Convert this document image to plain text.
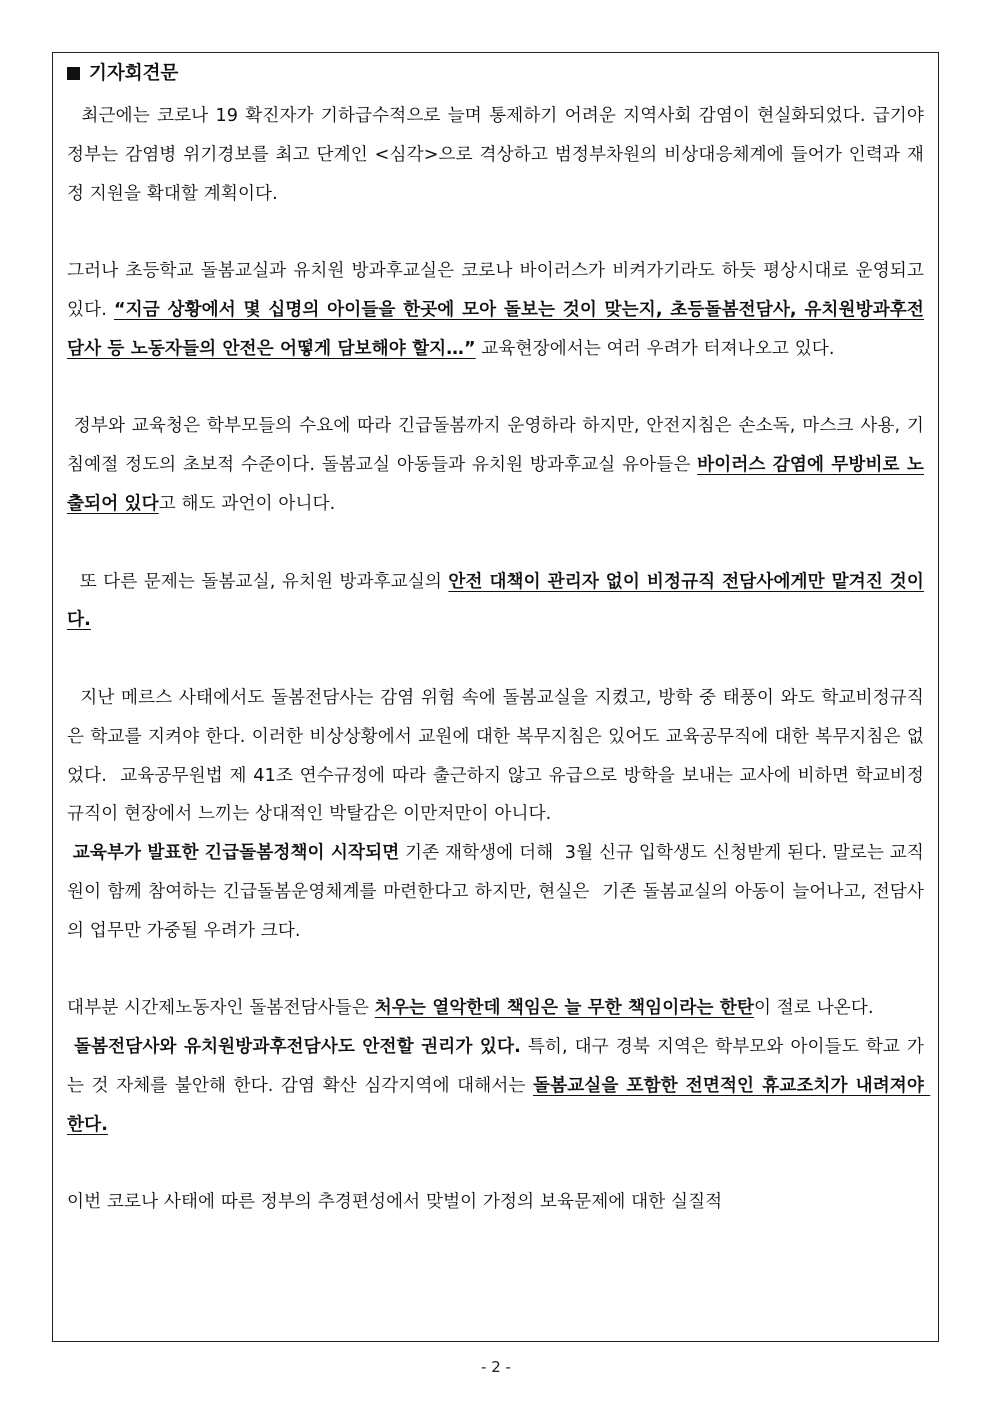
기자회견문

최근에는 코로나 19 확진자가 기하급수적으로 늘며 통제하기 어려운 지역사회 감염이 현실화되었다. 급기야 정부는 감염병 위기경보를 최고 단계인 <심각>으로 격상하고 범정부차원의 비상대응체계에 들어가 인력과 재정 지원을 확대할 계획이다.

그러나 초등학교 돌봄교실과 유치원 방과후교실은 코로나 바이러스가 비켜가기라도 하듯 평상시대로 운영되고 있다. “지금 상황에서 몇 십명의 아이들을 한곳에 모아 돌보는 것이 맞는지, 초등돌봄전담사, 유치원방과후전담사 등 노동자들의 안전은 어떻게 담보해야 할지…” 교육현장에서는 여러 우려가 터져나오고 있다.

정부와 교육청은 학부모들의 수요에 따라 긴급돌봄까지 운영하라 하지만, 안전지침은 손소독, 마스크 사용, 기침예절 정도의 초보적 수준이다. 돌봄교실 아동들과 유치원 방과후교실 유아들은 바이러스 감염에 무방비로 노출되어 있다고 해도 과언이 아니다.

또 다른 문제는 돌봄교실, 유치원 방과후교실의 안전 대책이 관리자 없이 비정규직 전담사에게만 맡겨진 것이다.

지난 메르스 사태에서도 돌봄전담사는 감염 위험 속에 돌봄교실을 지켰고, 방학 중 태풍이 와도 학교비정규직은 학교를 지켜야 한다. 이러한 비상상황에서 교원에 대한 복무지침은 있어도 교육공무직에 대한 복무지침은 없었다.  교육공무원법 제 41조 연수규정에 따라 출근하지 않고 유급으로 방학을 보내는 교사에 비하면 학교비정규직이 현장에서 느끼는 상대적인 박탈감은 이만저만이 아니다.

교육부가 발표한 긴급돌봄정책이 시작되면 기존 재학생에 더해  3월 신규 입학생도 신청받게 된다. 말로는 교직원이 함께 참여하는 긴급돌봄운영체계를 마련한다고 하지만, 현실은  기존 돌봄교실의 아동이 늘어나고, 전담사의 업무만 가중될 우려가 크다.

대부분 시간제노동자인 돌봄전담사들은 처우는 열악한데 책임은 늘 무한 책임이라는 한탄이 절로 나온다.

돌봄전담사와 유치원방과후전담사도 안전할 권리가 있다. 특히, 대구 경북 지역은 학부모와 아이들도 학교 가는 것 자체를 불안해 한다. 감염 확산 심각지역에 대해서는 돌봄교실을 포함한 전면적인 휴교조치가 내려져야 한다.

이번 코로나 사태에 따른 정부의 추경편성에서 맞벌이 가정의 보육문제에 대한 실질적

- 2 -
